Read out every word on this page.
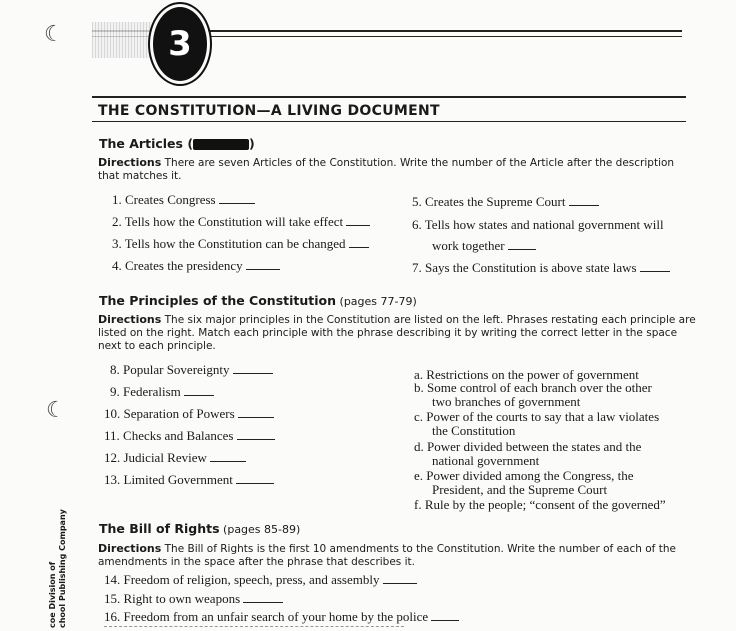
☾
☾
3
THE CONSTITUTION—A LIVING DOCUMENT
The Articles (	)
Directions There are seven Articles of the Constitution. Write the number of the Article after the description that matches it.
1. Creates Congress
2. Tells how the Constitution will take effect
3. Tells how the Constitution can be changed
4. Creates the presidency
5. Creates the Supreme Court
6. Tells how states and national government will
work together
7. Says the Constitution is above state laws
The Principles of the Constitution (pages 77-79)
Directions The six major principles in the Constitution are listed on the left. Phrases restating each principle are listed on the right. Match each principle with the phrase describing it by writing the correct letter in the space next to each principle.
8. Popular Sovereignty
9. Federalism
10. Separation of Powers
11. Checks and Balances
12. Judicial Review
13. Limited Government
a. Restrictions on the power of government
b. Some control of each branch over the other
two branches of government
c. Power of the courts to say that a law violates
the Constitution
d. Power divided between the states and the
national government
e. Power divided among the Congress, the
President, and the Supreme Court
f. Rule by the people; “consent of the governed”
The Bill of Rights (pages 85-89)
Directions The Bill of Rights is the first 10 amendments to the Constitution. Write the number of each of the amendments in the space after the phrase that describes it.
14. Freedom of religion, speech, press, and assembly
15. Right to own weapons
16. Freedom from an unfair search of your home by the police
coe Division of chool Publishing Company
